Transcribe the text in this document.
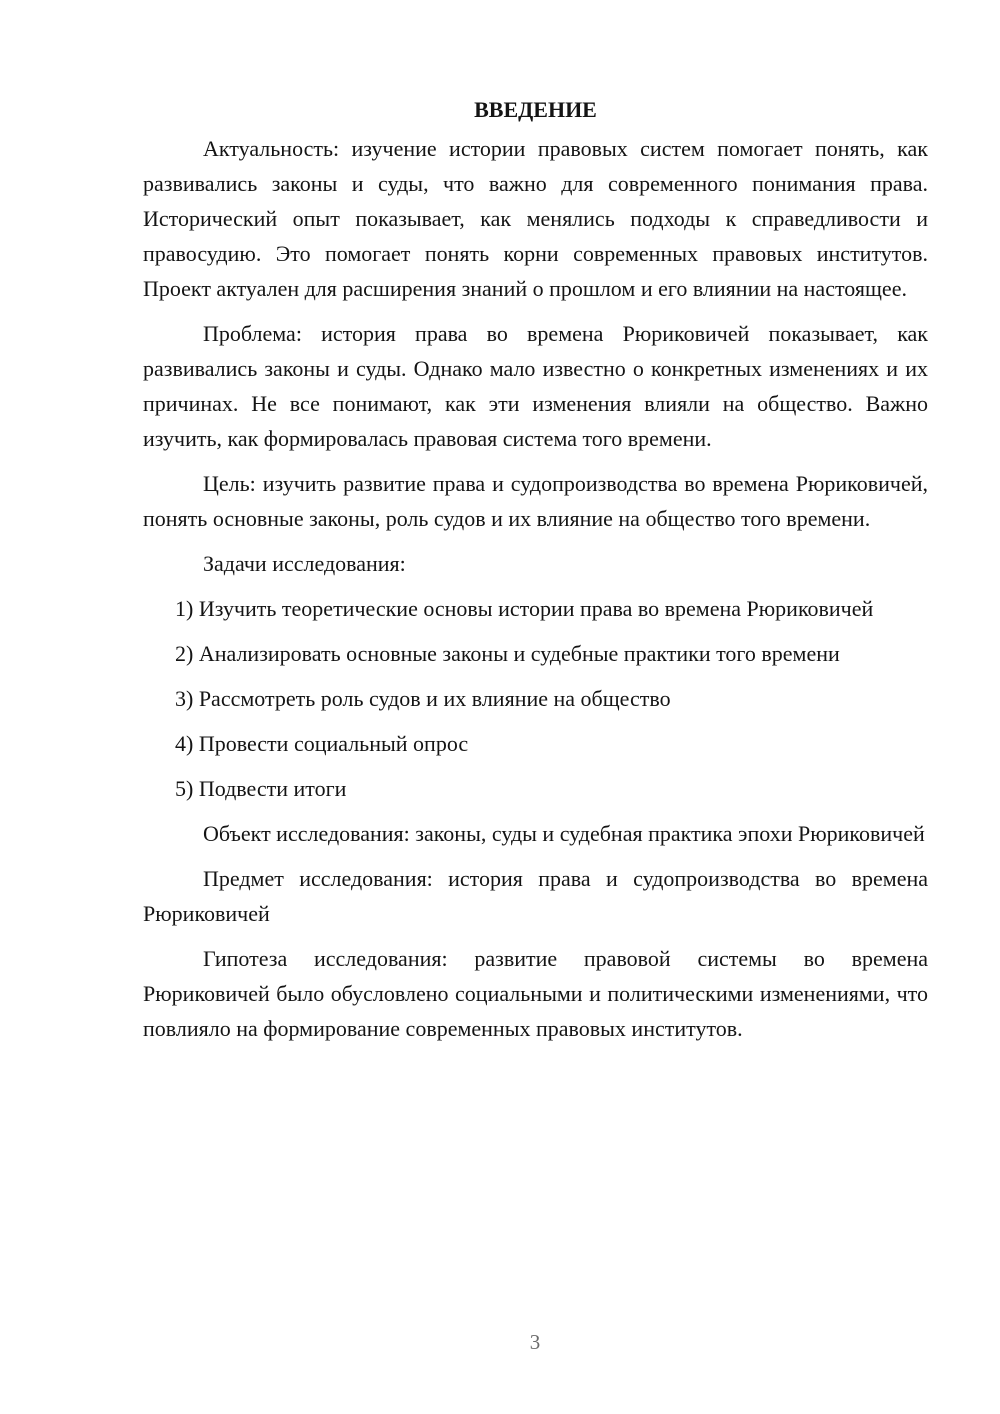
ВВЕДЕНИЕ

Актуальность: изучение истории правовых систем помогает понять, как развивались законы и суды, что важно для современного понимания права. Исторический опыт показывает, как менялись подходы к справедливости и правосудию. Это помогает понять корни современных правовых институтов. Проект актуален для расширения знаний о прошлом и его влиянии на настоящее.

Проблема: история права во времена Рюриковичей показывает, как развивались законы и суды. Однако мало известно о конкретных изменениях и их причинах. Не все понимают, как эти изменения влияли на общество. Важно изучить, как формировалась правовая система того времени.

Цель: изучить развитие права и судопроизводства во времена Рюриковичей, понять основные законы, роль судов и их влияние на общество того времени.

Задачи исследования:

1) Изучить теоретические основы истории права во времена Рюриковичей

2) Анализировать основные законы и судебные практики того времени

3) Рассмотреть роль судов и их влияние на общество

4) Провести социальный опрос

5) Подвести итоги

Объект исследования: законы, суды и судебная практика эпохи Рюриковичей

Предмет исследования: история права и судопроизводства во времена Рюриковичей

Гипотеза исследования: развитие правовой системы во времена Рюриковичей было обусловлено социальными и политическими изменениями, что повлияло на формирование современных правовых институтов.

3
